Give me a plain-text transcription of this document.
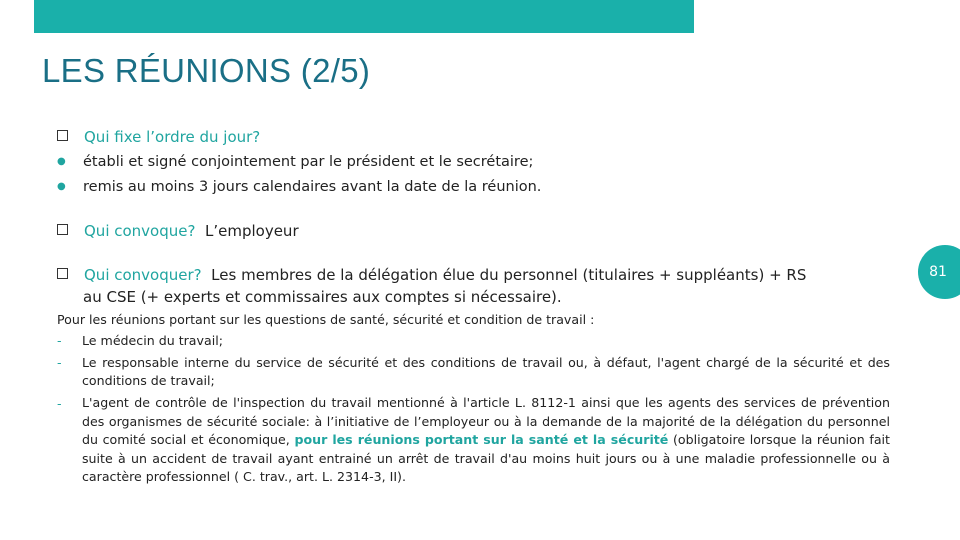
LES RÉUNIONS (2/5)
Qui fixe l’ordre du jour?
● établi et signé conjointement par le président et le secrétaire;
● remis au moins 3 jours calendaires avant la date de la réunion.
Qui convoque? L’employeur
Qui convoquer? Les membres de la délégation élue du personnel (titulaires + suppléants) + RS
au CSE (+ experts et commissaires aux comptes si nécessaire).
Pour les réunions portant sur les questions de santé, sécurité et condition de travail :
- Le médecin du travail;
- Le responsable interne du service de sécurité et des conditions de travail ou, à défaut, l'agent chargé de la sécurité et des conditions de travail;
- L'agent de contrôle de l'inspection du travail mentionné à l'article L. 8112-1 ainsi que les agents des services de prévention des organismes de sécurité sociale: à l’initiative de l’employeur ou à la demande de la majorité de la délégation du personnel du comité social et économique, pour les réunions portant sur la santé et la sécurité (obligatoire lorsque la réunion fait suite à un accident de travail ayant entrainé un arrêt de travail d'au moins huit jours ou à une maladie professionnelle ou à caractère professionnel ( C. trav., art. L. 2314-3, II).
81
